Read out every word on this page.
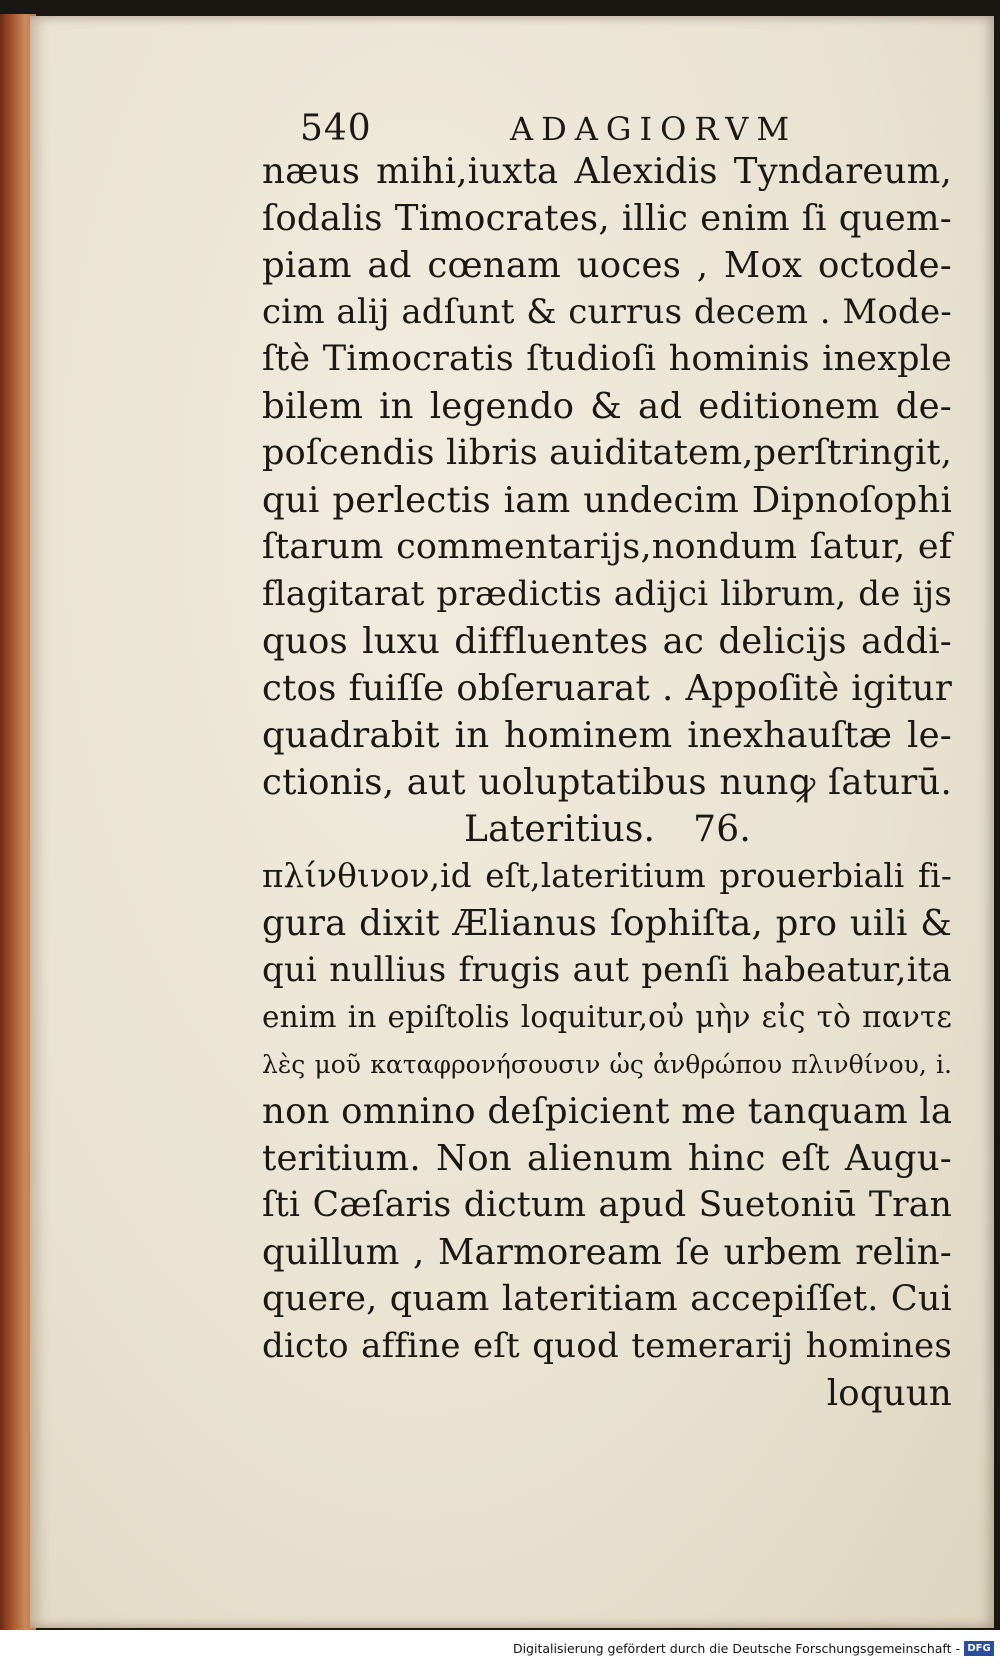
540	ADAGIORVM
næus mihi,iuxta Alexidis Tyndareum,
ſodalis Timocrates, illic enim ſi quem-
piam ad cœnam uoces , Mox octode-
cim alij adſunt & currus decem . Mode-
ſtè Timocratis ſtudioſi hominis inexple
bilem in legendo & ad editionem de-
poſcendis libris auiditatem,perſtringit,
qui perlectis iam undecim Dipnoſophi
ſtarum commentarijs,nondum ſatur, ef
flagitarat prædictis adijci librum, de ijs
quos luxu diffluentes ac delicijs addi-
ctos fuiſſe obſeruarat . Appoſitè igitur
quadrabit in hominem inexhauſtæ le-
ctionis, aut uoluptatibus nunꝙ ſaturū.
Lateritius. 76.
πλίνθινον,id eſt,lateritium prouerbiali fi-
gura dixit Ælianus ſophiſta, pro uili &
qui nullius frugis aut penſi habeatur,ita
enim in epiſtolis loquitur,οὐ μὴν εἰς τὸ παντε
λὲς μοῦ καταφρονήσουσιν ὡς ἀνθρώπου πλινθίνου, i.
non omnino deſpicient me tanquam la
teritium. Non alienum hinc eſt Augu-
ſti Cæſaris dictum apud Suetoniū Tran
quillum , Marmoream ſe urbem relin-
quere, quam lateritiam accepiſſet. Cui
dicto affine eſt quod temerarij homines
loquun
Digitalisierung gefördert durch die Deutsche Forschungsgemeinschaft - DFG
